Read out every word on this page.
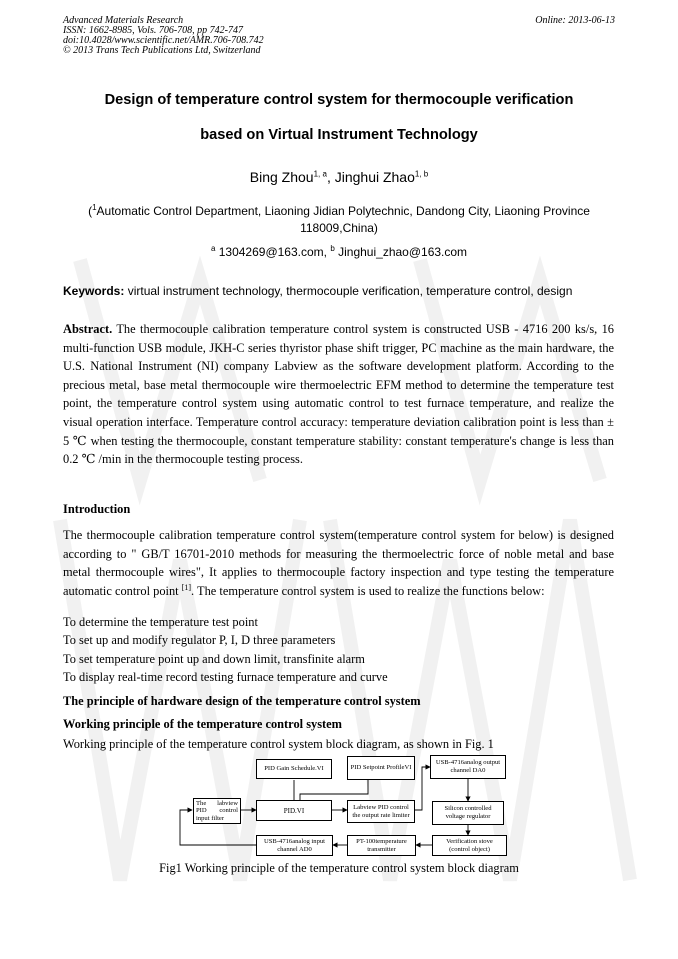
Advanced Materials Research
ISSN: 1662-8985, Vols. 706-708, pp 742-747
doi:10.4028/www.scientific.net/AMR.706-708.742
© 2013 Trans Tech Publications Ltd, Switzerland
Online: 2013-06-13
Design of temperature control system for thermocouple verification
based on Virtual Instrument Technology
Bing Zhou$^{1, a}$, Jinghui Zhao$^{1, b}$
($^1$Automatic Control Department, Liaoning Jidian Polytechnic, Dandong City, Liaoning Province
118009,China)
$^a$ 1304269@163.com, $^b$ Jinghui_zhao@163.com
Keywords: virtual instrument technology, thermocouple verification, temperature control, design
Abstract. The thermocouple calibration temperature control system is constructed USB - 4716 200 ks/s, 16 multi-function USB module, JKH-C series thyristor phase shift trigger, PC machine as the main hardware, the U.S. National Instrument (NI) company Labview as the software development platform. According to the precious metal, base metal thermocouple wire thermoelectric EFM method to determine the temperature test point, the temperature control system using automatic control to test furnace temperature, and realize the visual operation interface. Temperature control accuracy: temperature deviation calibration point is less than ± 5 ℃ when testing the thermocouple, constant temperature stability: constant temperature's change is less than 0.2 ℃ /min in the thermocouple testing process.
Introduction
The thermocouple calibration temperature control system(temperature control system for below) is designed according to " GB/T 16701-2010 methods for measuring the thermoelectric force of noble metal and base metal thermocouple wires", It applies to thermocouple factory inspection and type testing the temperature automatic control point [1]. The temperature control system is used to realize the functions below:
To determine the temperature test point
To set up and modify regulator P, I, D three parameters
To set temperature point up and down limit, transfinite alarm
To display real-time record testing furnace temperature and curve
The principle of hardware design of the temperature control system
Working principle of the temperature control system
Working principle of the temperature control system block diagram, as shown in Fig. 1
PID Gain Schedule.VI	PID Setpoint ProfileVI
USB-4716analog output channel DA0
The labview PID control input filter
PID.VI	Labview PID control the output rate limiter
Silicon controlled voltage regulator
USB-4716analog input channel AD0
PT-100temperature transmitter
Verification stove (control object)
Fig1 Working principle of the temperature control system block diagram
